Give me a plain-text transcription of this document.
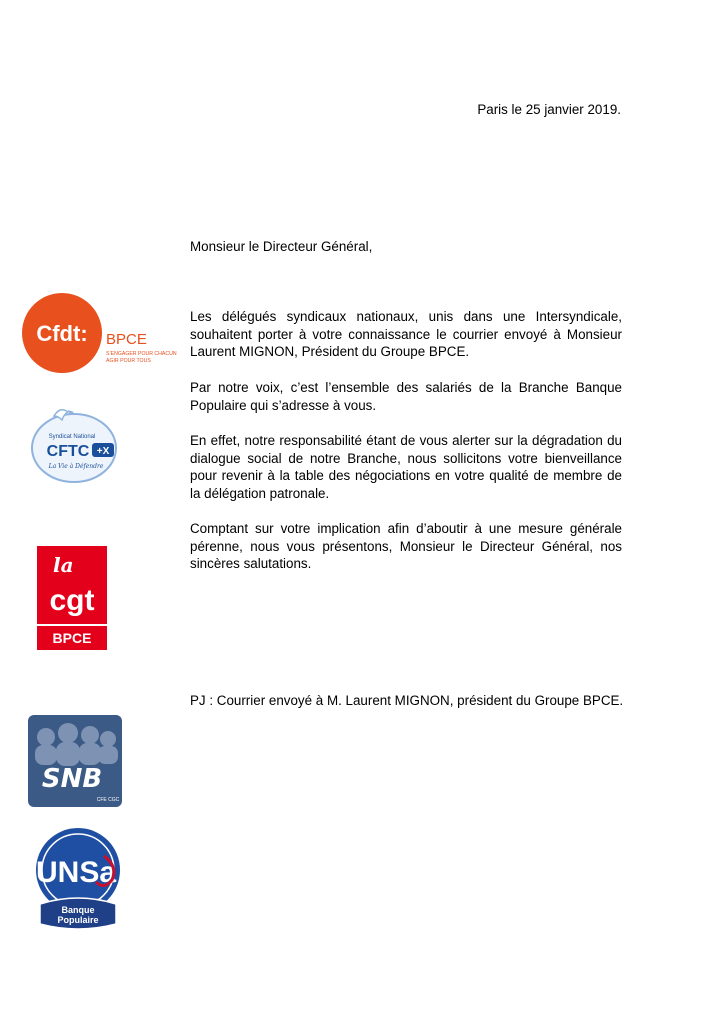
Paris le 25 janvier 2019.
Monsieur le Directeur Général,
Les délégués syndicaux nationaux, unis dans une Intersyndicale, souhaitent porter à votre connaissance le courrier envoyé à Monsieur Laurent MIGNON, Président du Groupe BPCE.
Par notre voix, c’est l’ensemble des salariés de la Branche Banque Populaire qui s’adresse à vous.
En effet, notre responsabilité étant de vous alerter sur la dégradation du dialogue social de notre Branche, nous sollicitons votre bienveillance pour revenir à la table des négociations en votre qualité de membre de la délégation patronale.
Comptant sur votre implication afin d’aboutir à une mesure générale pérenne, nous vous présentons, Monsieur le Directeur Général, nos sincères salutations.
PJ : Courrier envoyé à M. Laurent MIGNON, président du Groupe BPCE.
Cfdt: BPCE
S’ENGAGER POUR CHACUN
AGIR POUR TOUS
Syndicat National
CFTC +X
La Vie à Défendre
la
cgt
BPCE
SNB
CFE CGC
UNSa
Banque
Populaire
